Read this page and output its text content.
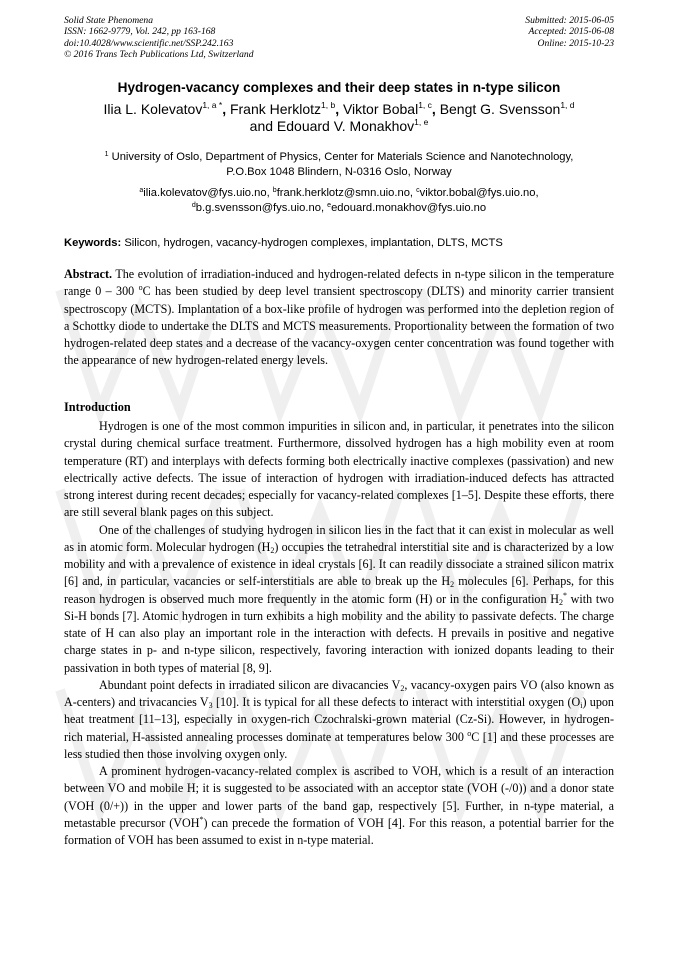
Solid State Phenomena
ISSN: 1662-9779, Vol. 242, pp 163-168
doi:10.4028/www.scientific.net/SSP.242.163
© 2016 Trans Tech Publications Ltd, Switzerland
Submitted: 2015-06-05
Accepted: 2015-06-08
Online: 2015-10-23
Hydrogen-vacancy complexes and their deep states in n-type silicon
Ilia L. Kolevatov$^{1, a *}$, Frank Herklotz$^{1, b}$, Viktor Bobal$^{1, c}$, Bengt G. Svensson$^{1, d}$
and Edouard V. Monakhov$^{1, e}$
$^1$ University of Oslo, Department of Physics, Center for Materials Science and Nanotechnology,
P.O.Box 1048 Blindern, N-0316 Oslo, Norway
$^a$ilia.kolevatov@fys.uio.no, $^b$frank.herklotz@smn.uio.no, $^c$viktor.bobal@fys.uio.no,
$^d$b.g.svensson@fys.uio.no, $^e$edouard.monakhov@fys.uio.no
Keywords: Silicon, hydrogen, vacancy-hydrogen complexes, implantation, DLTS, MCTS
Abstract. The evolution of irradiation-induced and hydrogen-related defects in n-type silicon in the temperature range 0 – 300 $^o$C has been studied by deep level transient spectroscopy (DLTS) and minority carrier transient spectroscopy (MCTS). Implantation of a box-like profile of hydrogen was performed into the depletion region of a Schottky diode to undertake the DLTS and MCTS measurements. Proportionality between the formation of two hydrogen-related deep states and a decrease of the vacancy-oxygen center concentration was found together with the appearance of new hydrogen-related energy levels.
Introduction

Hydrogen is one of the most common impurities in silicon and, in particular, it penetrates into the silicon crystal during chemical surface treatment. Furthermore, dissolved hydrogen has a high mobility even at room temperature (RT) and interplays with defects forming both electrically inactive complexes (passivation) and new electrically active defects. The issue of interaction of hydrogen with irradiation-induced defects has attracted strong interest during recent decades; especially for vacancy-related complexes [1–5]. Despite these efforts, there are still several blank pages on this subject.

One of the challenges of studying hydrogen in silicon lies in the fact that it can exist in molecular as well as in atomic form. Molecular hydrogen $(H_2)$ occupies the tetrahedral interstitial site and is characterized by a low mobility and with a prevalence of existence in ideal crystals [6]. It can readily dissociate a strained silicon matrix [6] and, in particular, vacancies or self-interstitials are able to break up the $H_2$ molecules [6]. Perhaps, for this reason hydrogen is observed much more frequently in the atomic form (H) or in the configuration $H_2^*$ with two Si-H bonds [7]. Atomic hydrogen in turn exhibits a high mobility and the ability to passivate defects. The charge state of H can also play an important role in the interaction with defects. H prevails in positive and negative charge states in p- and n-type silicon, respectively, favoring interaction with ionized dopants leading to their passivation in both types of material [8, 9].

Abundant point defects in irradiated silicon are divacancies $V_2$, vacancy-oxygen pairs VO (also known as A-centers) and trivacancies $V_3$ [10]. It is typical for all these defects to interact with interstitial oxygen $(O_i)$ upon heat treatment [11–13], especially in oxygen-rich Czochralski-grown material (Cz-Si). However, in hydrogen-rich material, H-assisted annealing processes dominate at temperatures below 300 $^o$C [1] and these processes are less studied then those involving oxygen only.

A prominent hydrogen-vacancy-related complex is ascribed to VOH, which is a result of an interaction between VO and mobile H; it is suggested to be associated with an acceptor state (VOH (-/0)) and a donor state (VOH (0/+)) in the upper and lower parts of the band gap, respectively [5]. Further, in n-type material, a metastable precursor (VOH*) can precede the formation of VOH [4]. For this reason, a potential barrier for the formation of VOH has been assumed to exist in n-type material.
